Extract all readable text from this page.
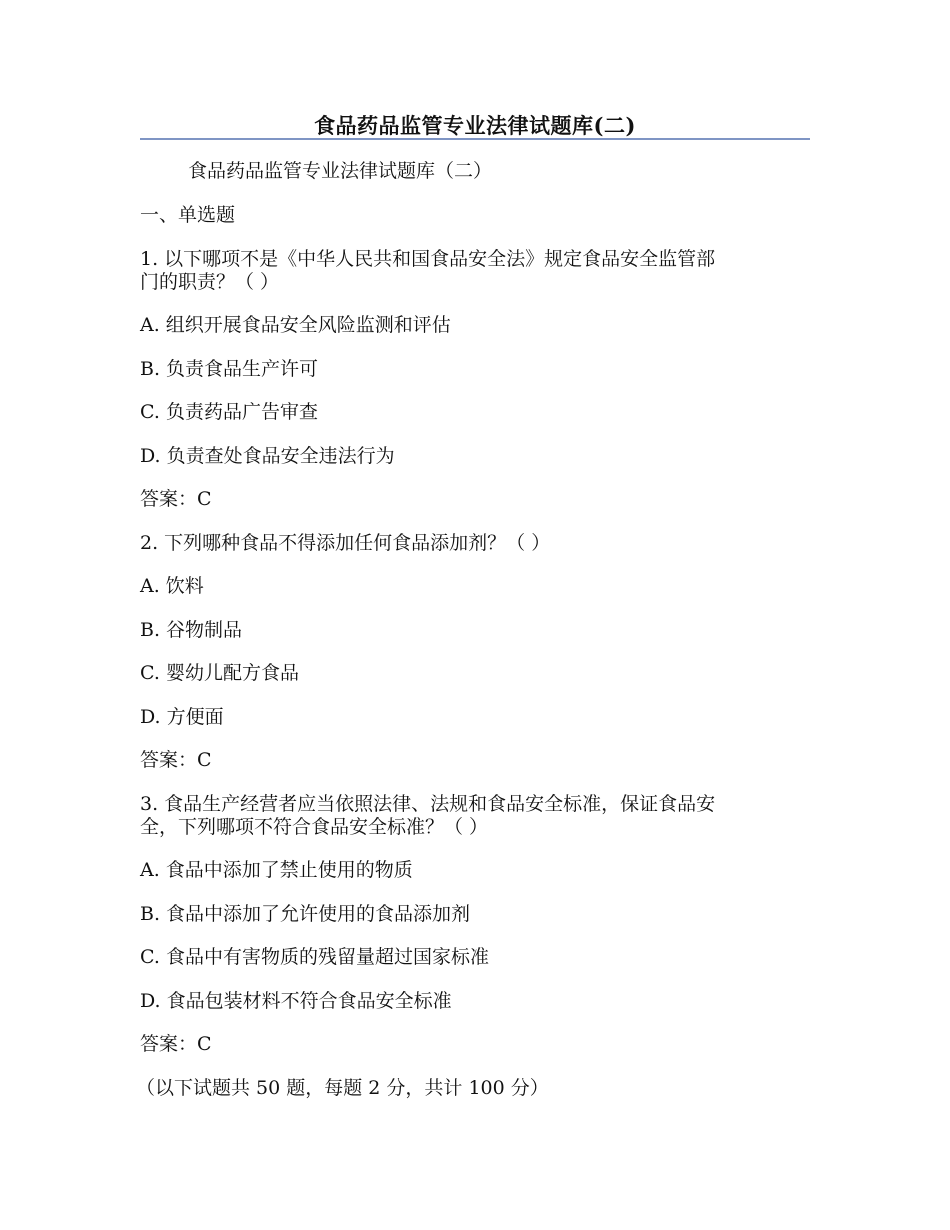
食品药品监管专业法律试题库(二)

食品药品监管专业法律试题库（二）

一、单选题

1. 以下哪项不是《中华人民共和国食品安全法》规定食品安全监管部

门的职责？（ ）

A. 组织开展食品安全风险监测和评估

B. 负责食品生产许可

C. 负责药品广告审查

D. 负责查处食品安全违法行为

答案：C

2. 下列哪种食品不得添加任何食品添加剂？（ ）

A. 饮料

B. 谷物制品

C. 婴幼儿配方食品

D. 方便面

答案：C

3. 食品生产经营者应当依照法律、法规和食品安全标准，保证食品安

全，下列哪项不符合食品安全标准？（ ）

A. 食品中添加了禁止使用的物质

B. 食品中添加了允许使用的食品添加剂

C. 食品中有害物质的残留量超过国家标准

D. 食品包装材料不符合食品安全标准

答案：C

（以下试题共 50 题，每题 2 分，共计 100 分）
